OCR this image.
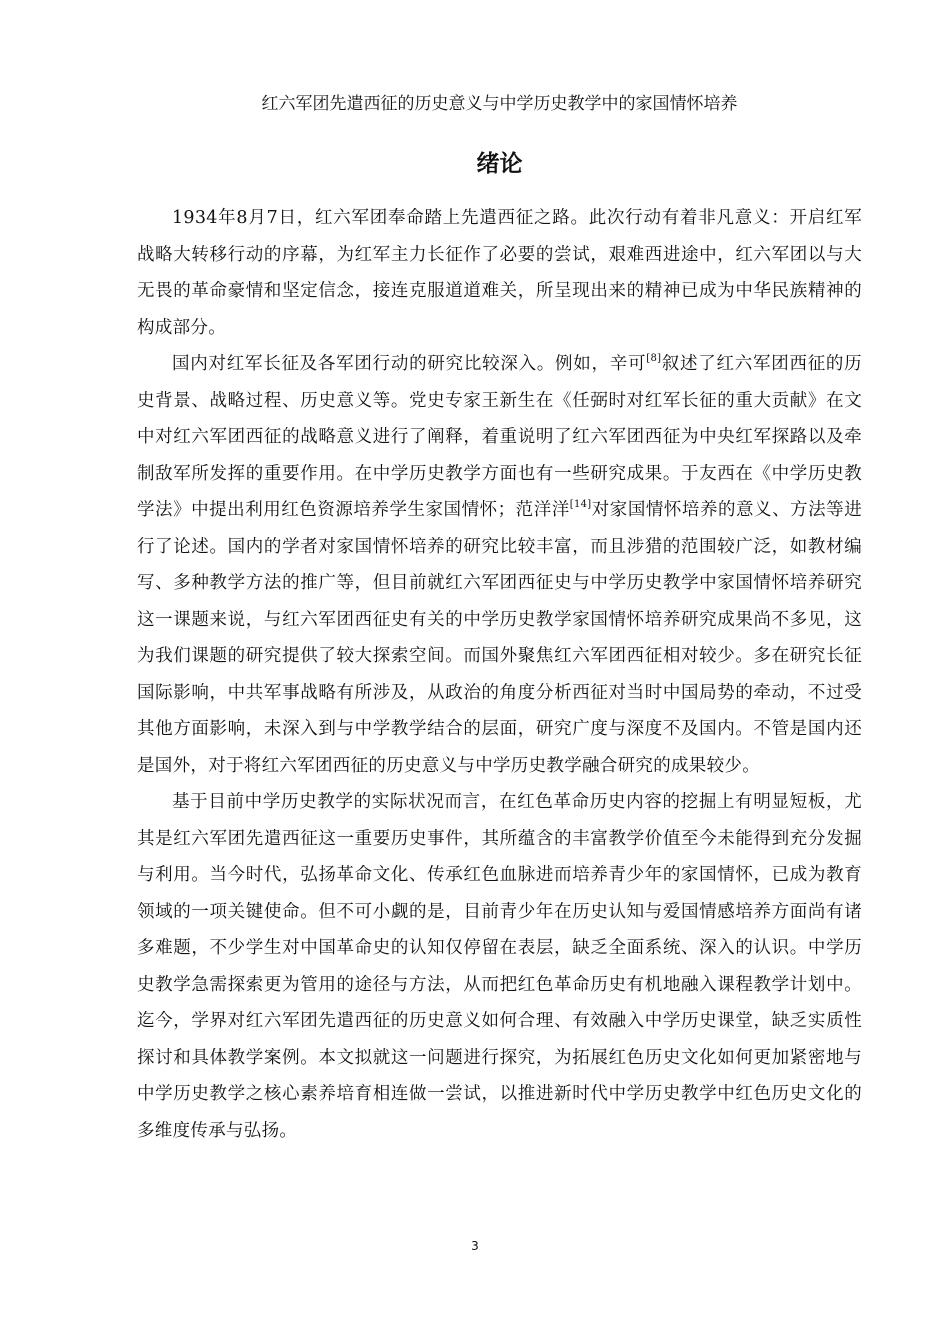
红六军团先遣西征的历史意义与中学历史教学中的家国情怀培养
绪论

1934年8月7日，红六军团奉命踏上先遣西征之路。此次行动有着非凡意义：开启红军战略大转移行动的序幕，为红军主力长征作了必要的尝试，艰难西进途中，红六军团以与大无畏的革命豪情和坚定信念，接连克服道道难关，所呈现出来的精神已成为中华民族精神的构成部分。

国内对红军长征及各军团行动的研究比较深入。例如，辛可[8]叙述了红六军团西征的历史背景、战略过程、历史意义等。党史专家王新生在《任弼时对红军长征的重大贡献》在文中对红六军团西征的战略意义进行了阐释，着重说明了红六军团西征为中央红军探路以及牵制敌军所发挥的重要作用。在中学历史教学方面也有一些研究成果。于友西在《中学历史教学法》中提出利用红色资源培养学生家国情怀；范洋洋[14]对家国情怀培养的意义、方法等进行了论述。国内的学者对家国情怀培养的研究比较丰富，而且涉猎的范围较广泛，如教材编写、多种教学方法的推广等，但目前就红六军团西征史与中学历史教学中家国情怀培养研究这一课题来说，与红六军团西征史有关的中学历史教学家国情怀培养研究成果尚不多见，这为我们课题的研究提供了较大探索空间。而国外聚焦红六军团西征相对较少。多在研究长征国际影响，中共军事战略有所涉及，从政治的角度分析西征对当时中国局势的牵动，不过受其他方面影响，未深入到与中学教学结合的层面，研究广度与深度不及国内。不管是国内还是国外，对于将红六军团西征的历史意义与中学历史教学融合研究的成果较少。

基于目前中学历史教学的实际状况而言，在红色革命历史内容的挖掘上有明显短板，尤其是红六军团先遣西征这一重要历史事件，其所蕴含的丰富教学价值至今未能得到充分发掘与利用。当今时代，弘扬革命文化、传承红色血脉进而培养青少年的家国情怀，已成为教育领域的一项关键使命。但不可小觑的是，目前青少年在历史认知与爱国情感培养方面尚有诸多难题，不少学生对中国革命史的认知仅停留在表层，缺乏全面系统、深入的认识。中学历史教学急需探索更为管用的途径与方法，从而把红色革命历史有机地融入课程教学计划中。迄今，学界对红六军团先遣西征的历史意义如何合理、有效融入中学历史课堂，缺乏实质性探讨和具体教学案例。本文拟就这一问题进行探究，为拓展红色历史文化如何更加紧密地与中学历史教学之核心素养培育相连做一尝试，以推进新时代中学历史教学中红色历史文化的多维度传承与弘扬。

3
